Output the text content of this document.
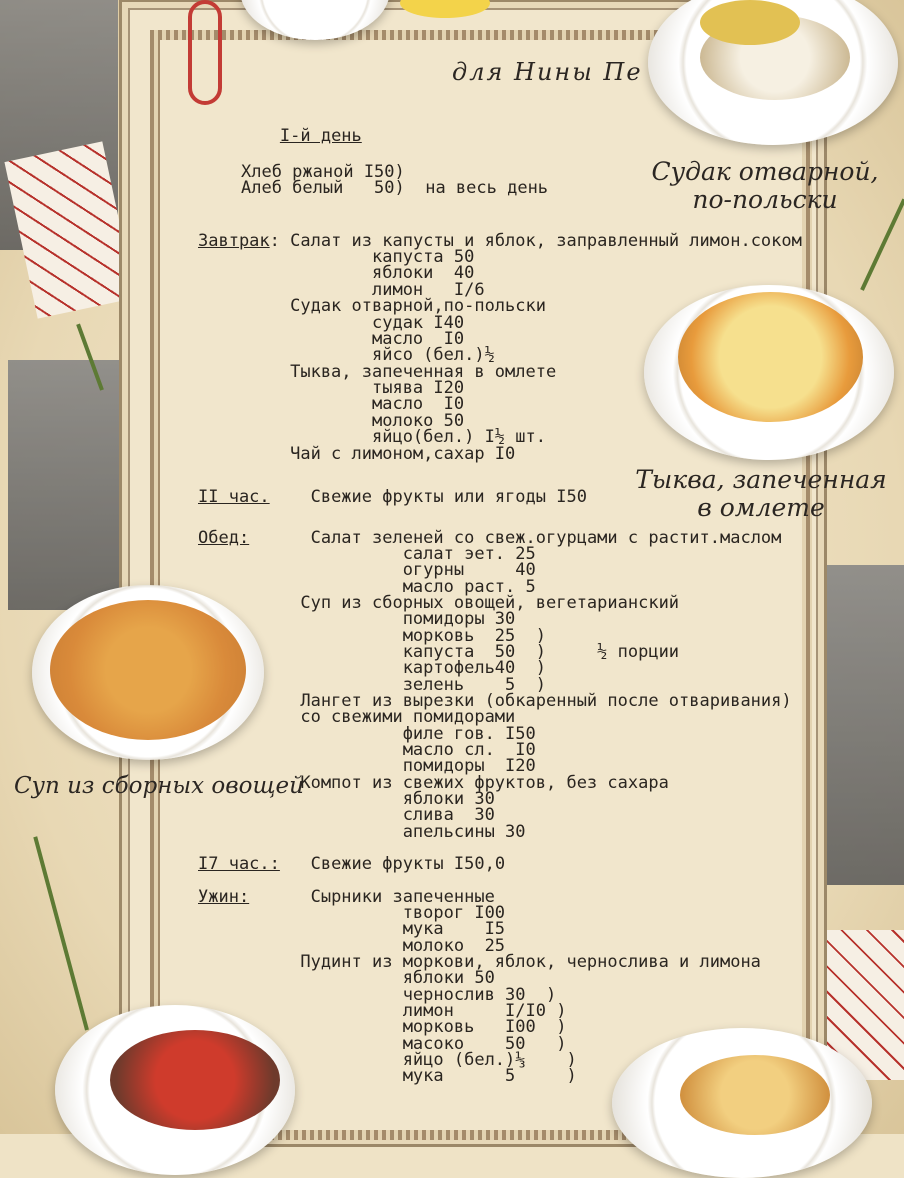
для Нины Пе
Судак отварной,
по-польски
Тыква, запеченная
в омлете
Суп из сборных овощей
I-й день
Хлеб ржаной I50)
Алеб белый   50)  на весь день
Завтрак: Салат из капусты и яблок, заправленный лимон.соком
капуста 50
яблоки  40
лимон   I/6
Судак отварной,по-польски
судак I40
масло  I0
яйсо (бел.)½
Тыква, запеченная в омлете
тыява I20
масло  I0
молоко 50
яйцо(бел.) I½ шт.
Чай с лимоном,сахар I0
II час.    Свежие фрукты или ягоды I50
Обед:      Салат зеленей со свеж.огурцами с растит.маслом
салат эет. 25
огурны     40
масло раст. 5
Суп из сборных овощей, вегетарианский
помидоры 30
морковь  25  )
капуста  50  )     ½ порции
картофель40  )
зелень    5  )
Лангет из вырезки (обкаренный после отваривания)
со свежими помидорами
филе гов. I50
масло сл.  I0
помидоры  I20
Компот из свежих фруктов, без сахара
яблоки 30
слива  30
апельсины 30
I7 час.:   Свежие фрукты I50,0
Ужин:      Сырники запеченные
творог I00
мука    I5
молоко  25
Пудинт из моркови, яблок, чернослива и лимона
яблоки 50
чернослив 30  )
лимон     I/I0 )
морковь   I00  )
масоко    50   )
яйцо (бел.)⅓    )
мука      5     )
